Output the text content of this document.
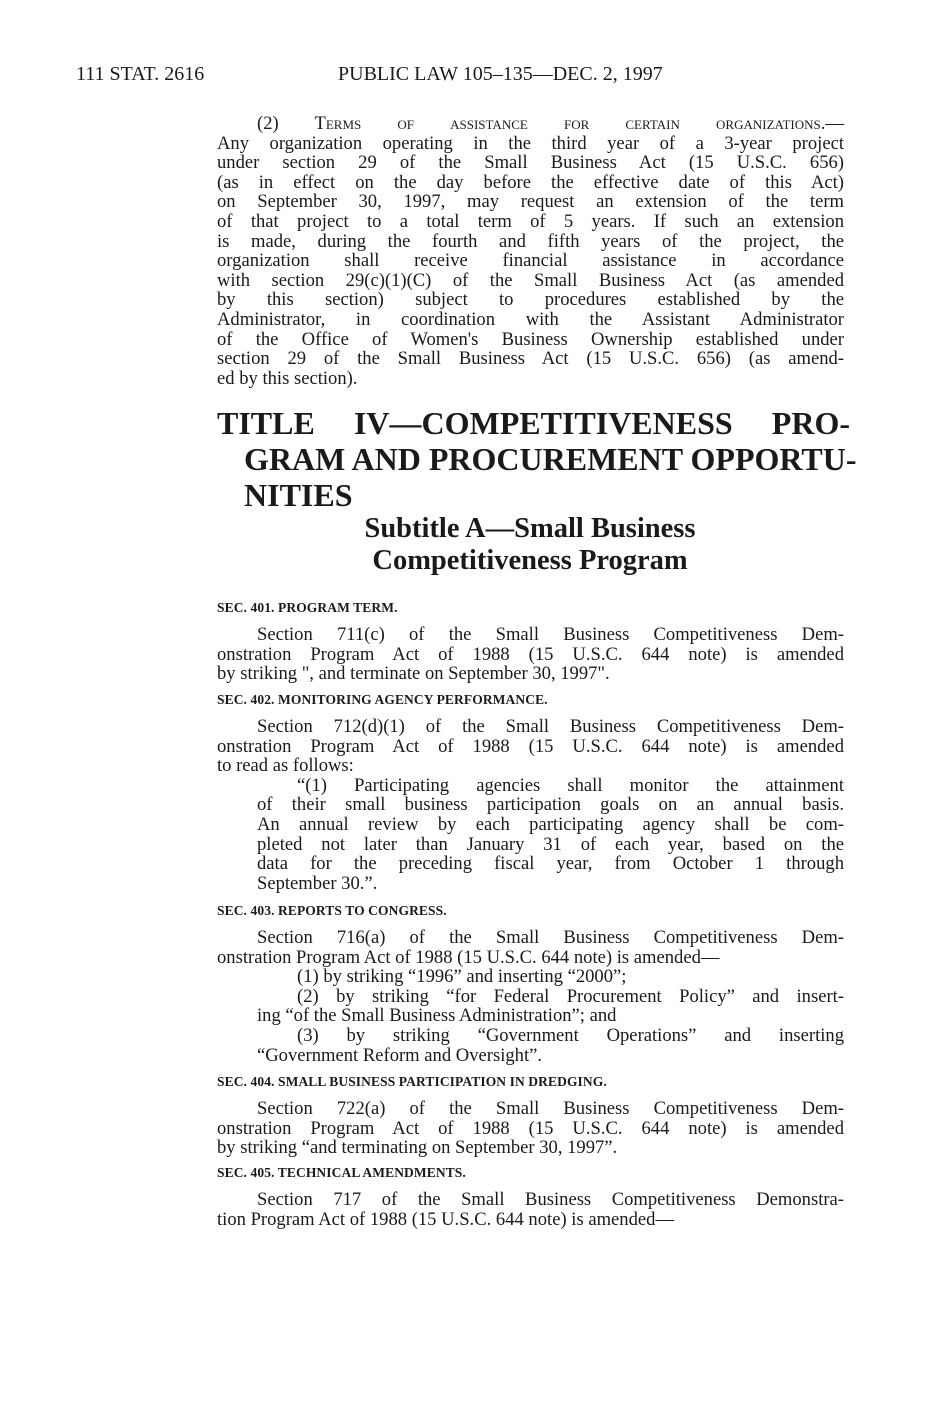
111 STAT. 2616	PUBLIC LAW 105–135—DEC. 2, 1997
(2) Terms of assistance for certain organizations.—
Any organization operating in the third year of a 3-year project
under section 29 of the Small Business Act (15 U.S.C. 656)
(as in effect on the day before the effective date of this Act)
on September 30, 1997, may request an extension of the term
of that project to a total term of 5 years. If such an extension
is made, during the fourth and fifth years of the project, the
organization shall receive financial assistance in accordance
with section 29(c)(1)(C) of the Small Business Act (as amended
by this section) subject to procedures established by the
Administrator, in coordination with the Assistant Administrator
of the Office of Women's Business Ownership established under
section 29 of the Small Business Act (15 U.S.C. 656) (as amend-
ed by this section).
TITLE IV—COMPETITIVENESS PRO-
GRAM AND PROCUREMENT OPPORTU-
NITIES
Subtitle A—Small Business
Competitiveness Program
SEC. 401. PROGRAM TERM.
Section 711(c) of the Small Business Competitiveness Dem-
onstration Program Act of 1988 (15 U.S.C. 644 note) is amended
by striking ", and terminate on September 30, 1997".
SEC. 402. MONITORING AGENCY PERFORMANCE.
Section 712(d)(1) of the Small Business Competitiveness Dem-
onstration Program Act of 1988 (15 U.S.C. 644 note) is amended
to read as follows:
“(1) Participating agencies shall monitor the attainment
of their small business participation goals on an annual basis.
An annual review by each participating agency shall be com-
pleted not later than January 31 of each year, based on the
data for the preceding fiscal year, from October 1 through
September 30.”.
SEC. 403. REPORTS TO CONGRESS.
Section 716(a) of the Small Business Competitiveness Dem-
onstration Program Act of 1988 (15 U.S.C. 644 note) is amended—
(1) by striking “1996” and inserting “2000”;
(2) by striking “for Federal Procurement Policy” and insert-
ing “of the Small Business Administration”; and
(3) by striking “Government Operations” and inserting
“Government Reform and Oversight”.
SEC. 404. SMALL BUSINESS PARTICIPATION IN DREDGING.
Section 722(a) of the Small Business Competitiveness Dem-
onstration Program Act of 1988 (15 U.S.C. 644 note) is amended
by striking “and terminating on September 30, 1997”.
SEC. 405. TECHNICAL AMENDMENTS.
Section 717 of the Small Business Competitiveness Demonstra-
tion Program Act of 1988 (15 U.S.C. 644 note) is amended—
